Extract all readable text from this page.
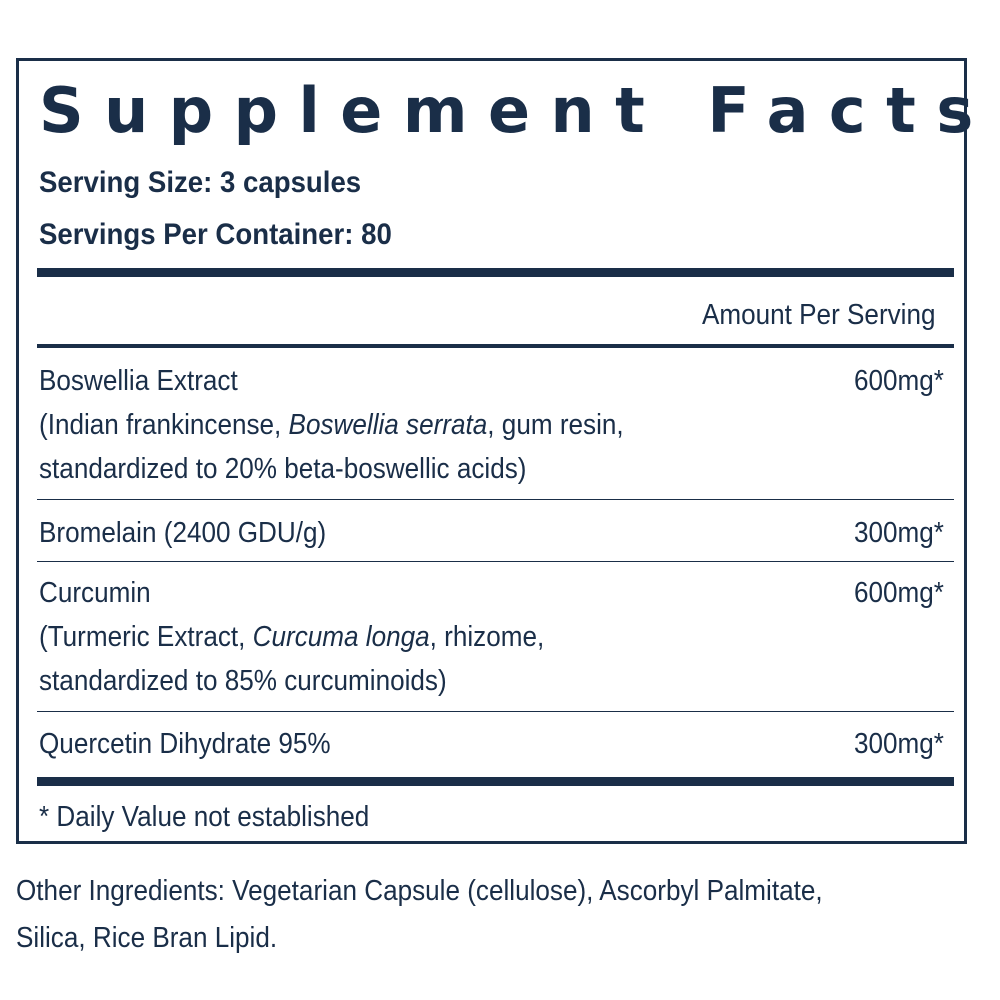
Supplement Facts
Serving Size: 3 capsules
Servings Per Container: 80
Amount Per Serving
Boswellia Extract
(Indian frankincense, Boswellia serrata, gum resin,
standardized to 20% beta-boswellic acids)
600mg*
Bromelain (2400 GDU/g)	300mg*
Curcumin
(Turmeric Extract, Curcuma longa, rhizome,
standardized to 85% curcuminoids)
600mg*
Quercetin Dihydrate 95%	300mg*
* Daily Value not established
Other Ingredients: Vegetarian Capsule (cellulose), Ascorbyl Palmitate,
Silica, Rice Bran Lipid.
